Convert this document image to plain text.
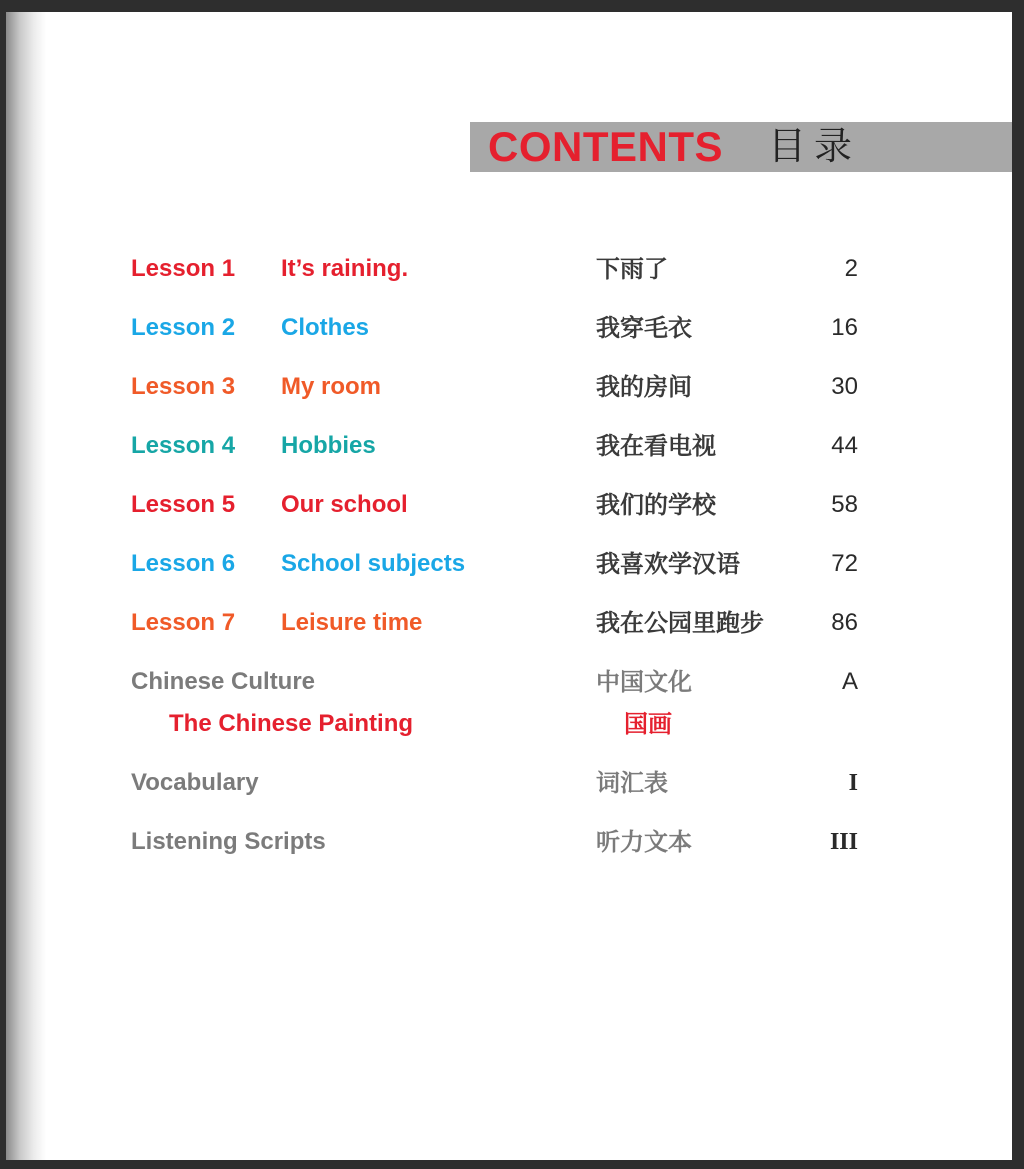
CONTENTS 目录
Lesson 1 It’s raining.	下雨了	2
Lesson 2 Clothes	我穿毛衣	16
Lesson 3 My room	我的房间	30
Lesson 4 Hobbies	我在看电视	44
Lesson 5 Our school	我们的学校	58
Lesson 6 School subjects	我喜欢学汉语	72
Lesson 7 Leisure time	我在公园里跑步	86
Chinese Culture	中国文化	A
The Chinese Painting	国画
Vocabulary	词汇表	I
Listening Scripts	听力文本	III
